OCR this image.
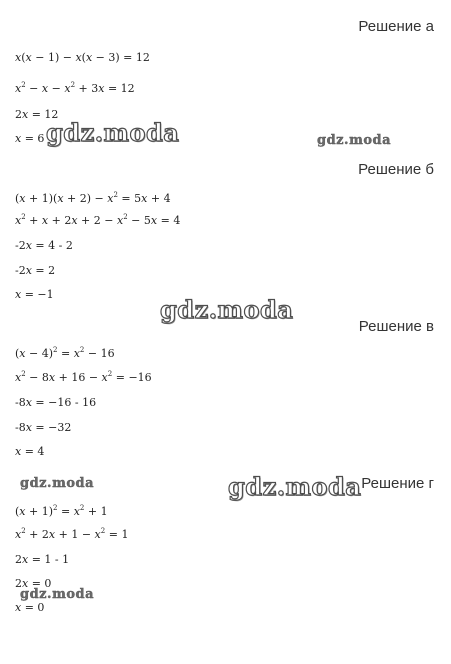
Решение а
x(x − 1) − x(x − 3) = 12
$x^2 - x - x^2 + 3x = 12$
2x = 12
x = 6
Решение б
$(x + 1)(x + 2) - x^2 = 5x + 4$
$x^2 + x + 2x + 2 - x^2 - 5x = 4$
-2x = 4 - 2
-2x = 2
x = −1
Решение в
$(x - 4)^2 = x^2 - 16$
$x^2 - 8x + 16 - x^2 = -16$
-8x = −16 - 16
-8x = −32
x = 4
Решение г
$(x + 1)^2 = x^2 + 1$
$x^2 + 2x + 1 - x^2 = 1$
2x = 1 - 1
2x = 0
x = 0
gdz.moda	gdz.moda
gdz.moda
gdz.moda	gdz.moda
gdz.moda
